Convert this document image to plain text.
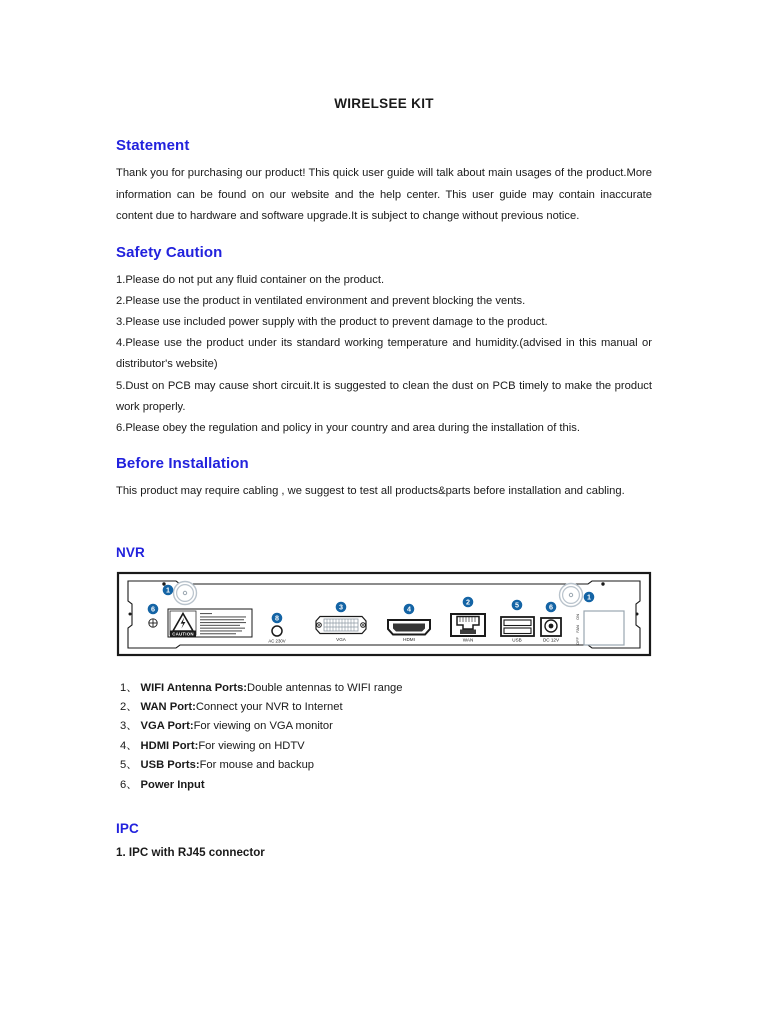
WIRELSEE KIT
Statement

Thank you for purchasing our product! This quick user guide will talk about main usages of the product.More information can be found on our website and the help center. This user guide may contain inaccurate content due to hardware and software upgrade.It is subject to change without previous notice.

Safety Caution
1.Please do not put any fluid container on the product.
2.Please use the product in ventilated environment and prevent blocking the vents.
3.Please use included power supply with the product to prevent damage to the product.
4.Please use the product under its standard working temperature and humidity.(advised in this manual or distributor's website)
5.Dust on PCB may cause short circuit.It is suggested to clean the dust on PCB timely to make the product work properly.
6.Please obey the regulation and policy in your country and area during the installation of this.
Before Installation

This product may require cabling , we suggest to test all products&parts before installation and cabling.

NVR
1
1
6
CAUTION
8
AC 230V
3
VGA
4
HDMI
2
WAN
5
USB
6
DC 12V
ON
FAN
OFF
1、 WIFI Antenna Ports:Double antennas to WIFI range
2、 WAN Port:Connect your NVR to Internet
3、 VGA Port:For viewing on VGA monitor
4、 HDMI Port:For viewing on HDTV
5、 USB Ports:For mouse and backup
6、 Power Input
IPC
1. IPC with RJ45 connector
